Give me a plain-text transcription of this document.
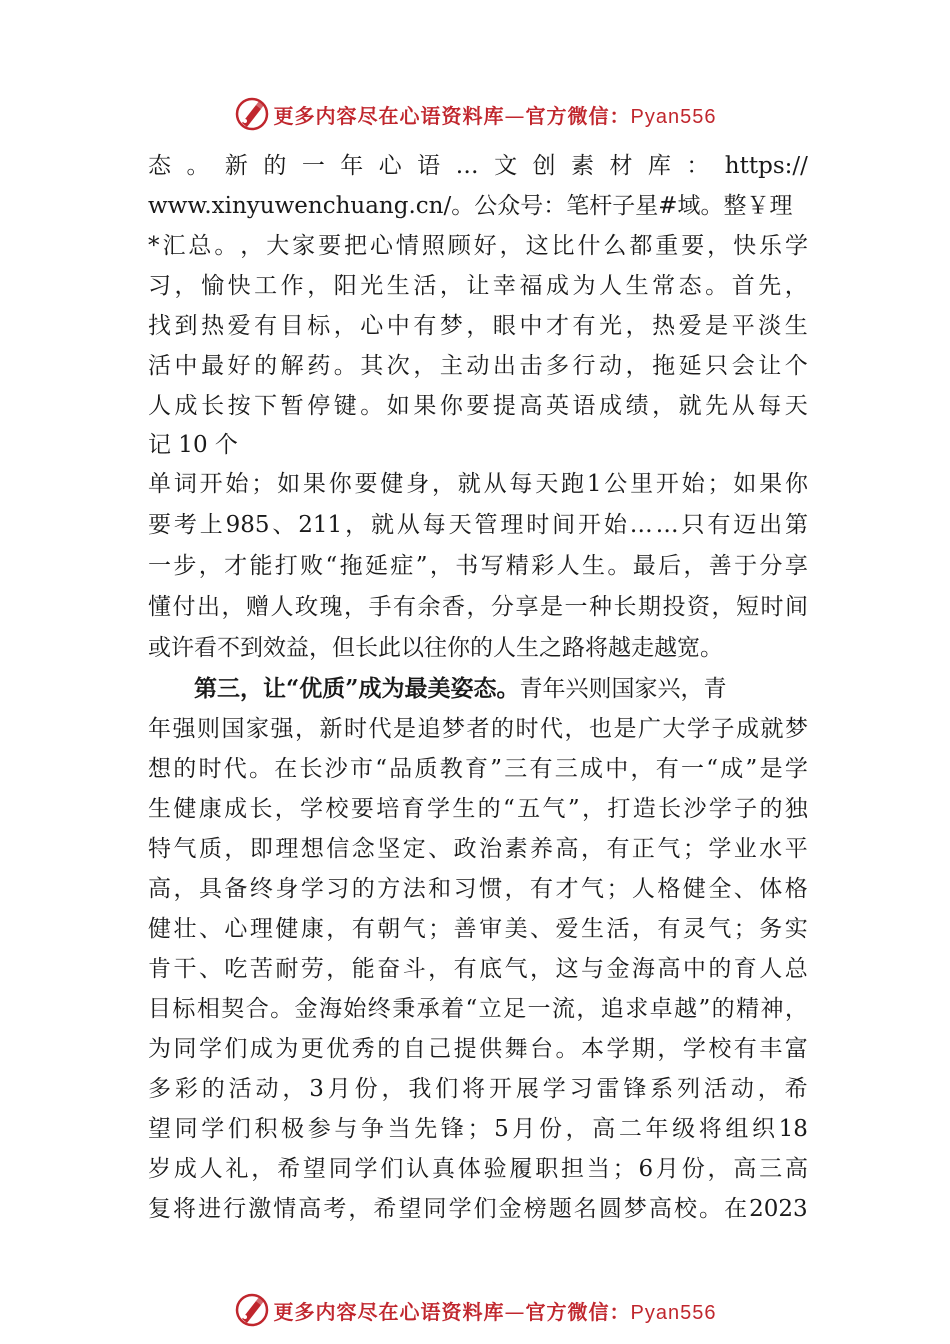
更多内容尽在心语资料库—官方微信：Pyan556
态 。 新 的 一 年 心 语 … 文 创 素 材 库 ： https://
www.xinyuwenchuang.cn/。公众号：笔杆子星#域。整￥理
* 汇 总 。 ， 大 家 要 把 心 情 照 顾 好 ， 这 比 什 么 都 重 要 ， 快 乐 学
习 ， 愉 快 工 作 ， 阳 光 生 活 ， 让 幸 福 成 为 人 生 常 态 。 首 先 ，
找 到 热 爱 有 目 标 ， 心 中 有 梦 ， 眼 中 才 有 光 ， 热 爱 是 平 淡 生
活 中 最 好 的 解 药 。 其 次 ， 主 动 出 击 多 行 动 ， 拖 延 只 会 让 个
人 成 长 按 下 暂 停 键 。 如 果 你 要 提 高 英 语 成 绩 ， 就 先 从 每 天
记 10 个
单 词 开 始 ； 如 果 你 要 健 身 ， 就 从 每 天 跑 1 公 里 开 始 ； 如 果 你
要 考 上 985 、 211 ， 就 从 每 天 管 理 时 间 开 始 … … 只 有 迈 出 第
一 步 ， 才 能 打 败 “ 拖 延 症 ” ， 书 写 精 彩 人 生 。 最 后 ， 善 于 分 享
懂 付 出 ， 赠 人 玫 瑰 ， 手 有 余 香 ， 分 享 是 一 种 长 期 投 资 ， 短 时 间
或许看不到效益，但长此以往你的人生之路将越走越宽。
第三，让“优质”成为最美姿态。 青年兴则国家兴，青
年 强 则 国 家 强 ， 新 时 代 是 追 梦 者 的 时 代 ， 也 是 广 大 学 子 成 就 梦
想 的 时 代 。 在 长 沙 市 “ 品 质 教 育 ” 三 有 三 成 中 ， 有 一 “ 成 ” 是 学
生 健 康 成 长 ， 学 校 要 培 育 学 生 的 “ 五 气 ” ， 打 造 长 沙 学 子 的 独
特 气 质 ， 即 理 想 信 念 坚 定 、 政 治 素 养 高 ， 有 正 气 ； 学 业 水 平
高 ， 具 备 终 身 学 习 的 方 法 和 习 惯 ， 有 才 气 ； 人 格 健 全 、 体 格
健 壮 、 心 理 健 康 ， 有 朝 气 ； 善 审 美 、 爱 生 活 ， 有 灵 气 ； 务 实
肯 干 、 吃 苦 耐 劳 ， 能 奋 斗 ， 有 底 气 ， 这 与 金 海 高 中 的 育 人 总
目 标 相 契 合 。 金 海 始 终 秉 承 着 “ 立 足 一 流 ， 追 求 卓 越 ” 的 精 神 ，
为 同 学 们 成 为 更 优 秀 的 自 己 提 供 舞 台 。 本 学 期 ， 学 校 有 丰 富
多 彩 的 活 动 ， 3 月 份 ， 我 们 将 开 展 学 习 雷 锋 系 列 活 动 ， 希
望 同 学 们 积 极 参 与 争 当 先 锋 ； 5 月 份 ， 高 二 年 级 将 组 织 18
岁 成 人 礼 ， 希 望 同 学 们 认 真 体 验 履 职 担 当 ； 6 月 份 ， 高 三 高
复 将 进 行 激 情 高 考 ， 希 望 同 学 们 金 榜 题 名 圆 梦 高 校 。 在 2023
更多内容尽在心语资料库—官方微信：Pyan556
